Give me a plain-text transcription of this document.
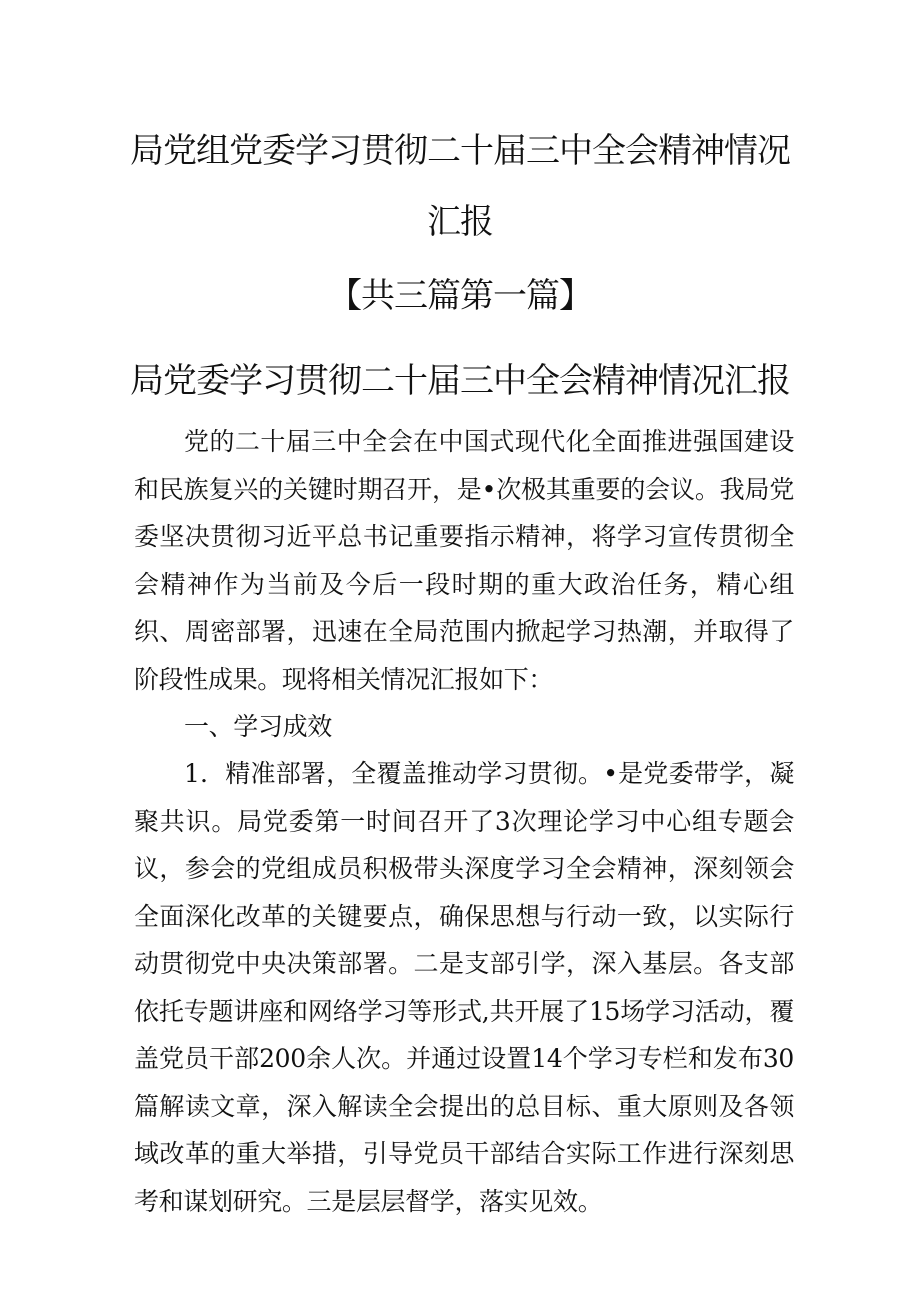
局党组党委学习贯彻二十届三中全会精神情况
汇报
【共三篇第一篇】
局党委学习贯彻二十届三中全会精神情况汇报

党的二十届三中全会在中国式现代化全面推进强国建设和民族复兴的关键时期召开，是•次极其重要的会议。我局党委坚决贯彻习近平总书记重要指示精神，将学习宣传贯彻全会精神作为当前及今后一段时期的重大政治任务，精心组织、周密部署，迅速在全局范围内掀起学习热潮，并取得了阶段性成果。现将相关情况汇报如下：

一、学习成效

1．精准部署，全覆盖推动学习贯彻。•是党委带学，凝聚共识。局党委第一时间召开了3次理论学习中心组专题会议，参会的党组成员积极带头深度学习全会精神，深刻领会全面深化改革的关键要点，确保思想与行动一致，以实际行动贯彻党中央决策部署。二是支部引学，深入基层。各支部依托专题讲座和网络学习等形式,共开展了15场学习活动，覆盖党员干部200余人次。并通过设置14个学习专栏和发布30篇解读文章，深入解读全会提出的总目标、重大原则及各领域改革的重大举措，引导党员干部结合实际工作进行深刻思考和谋划研究。三是层层督学，落实见效。
